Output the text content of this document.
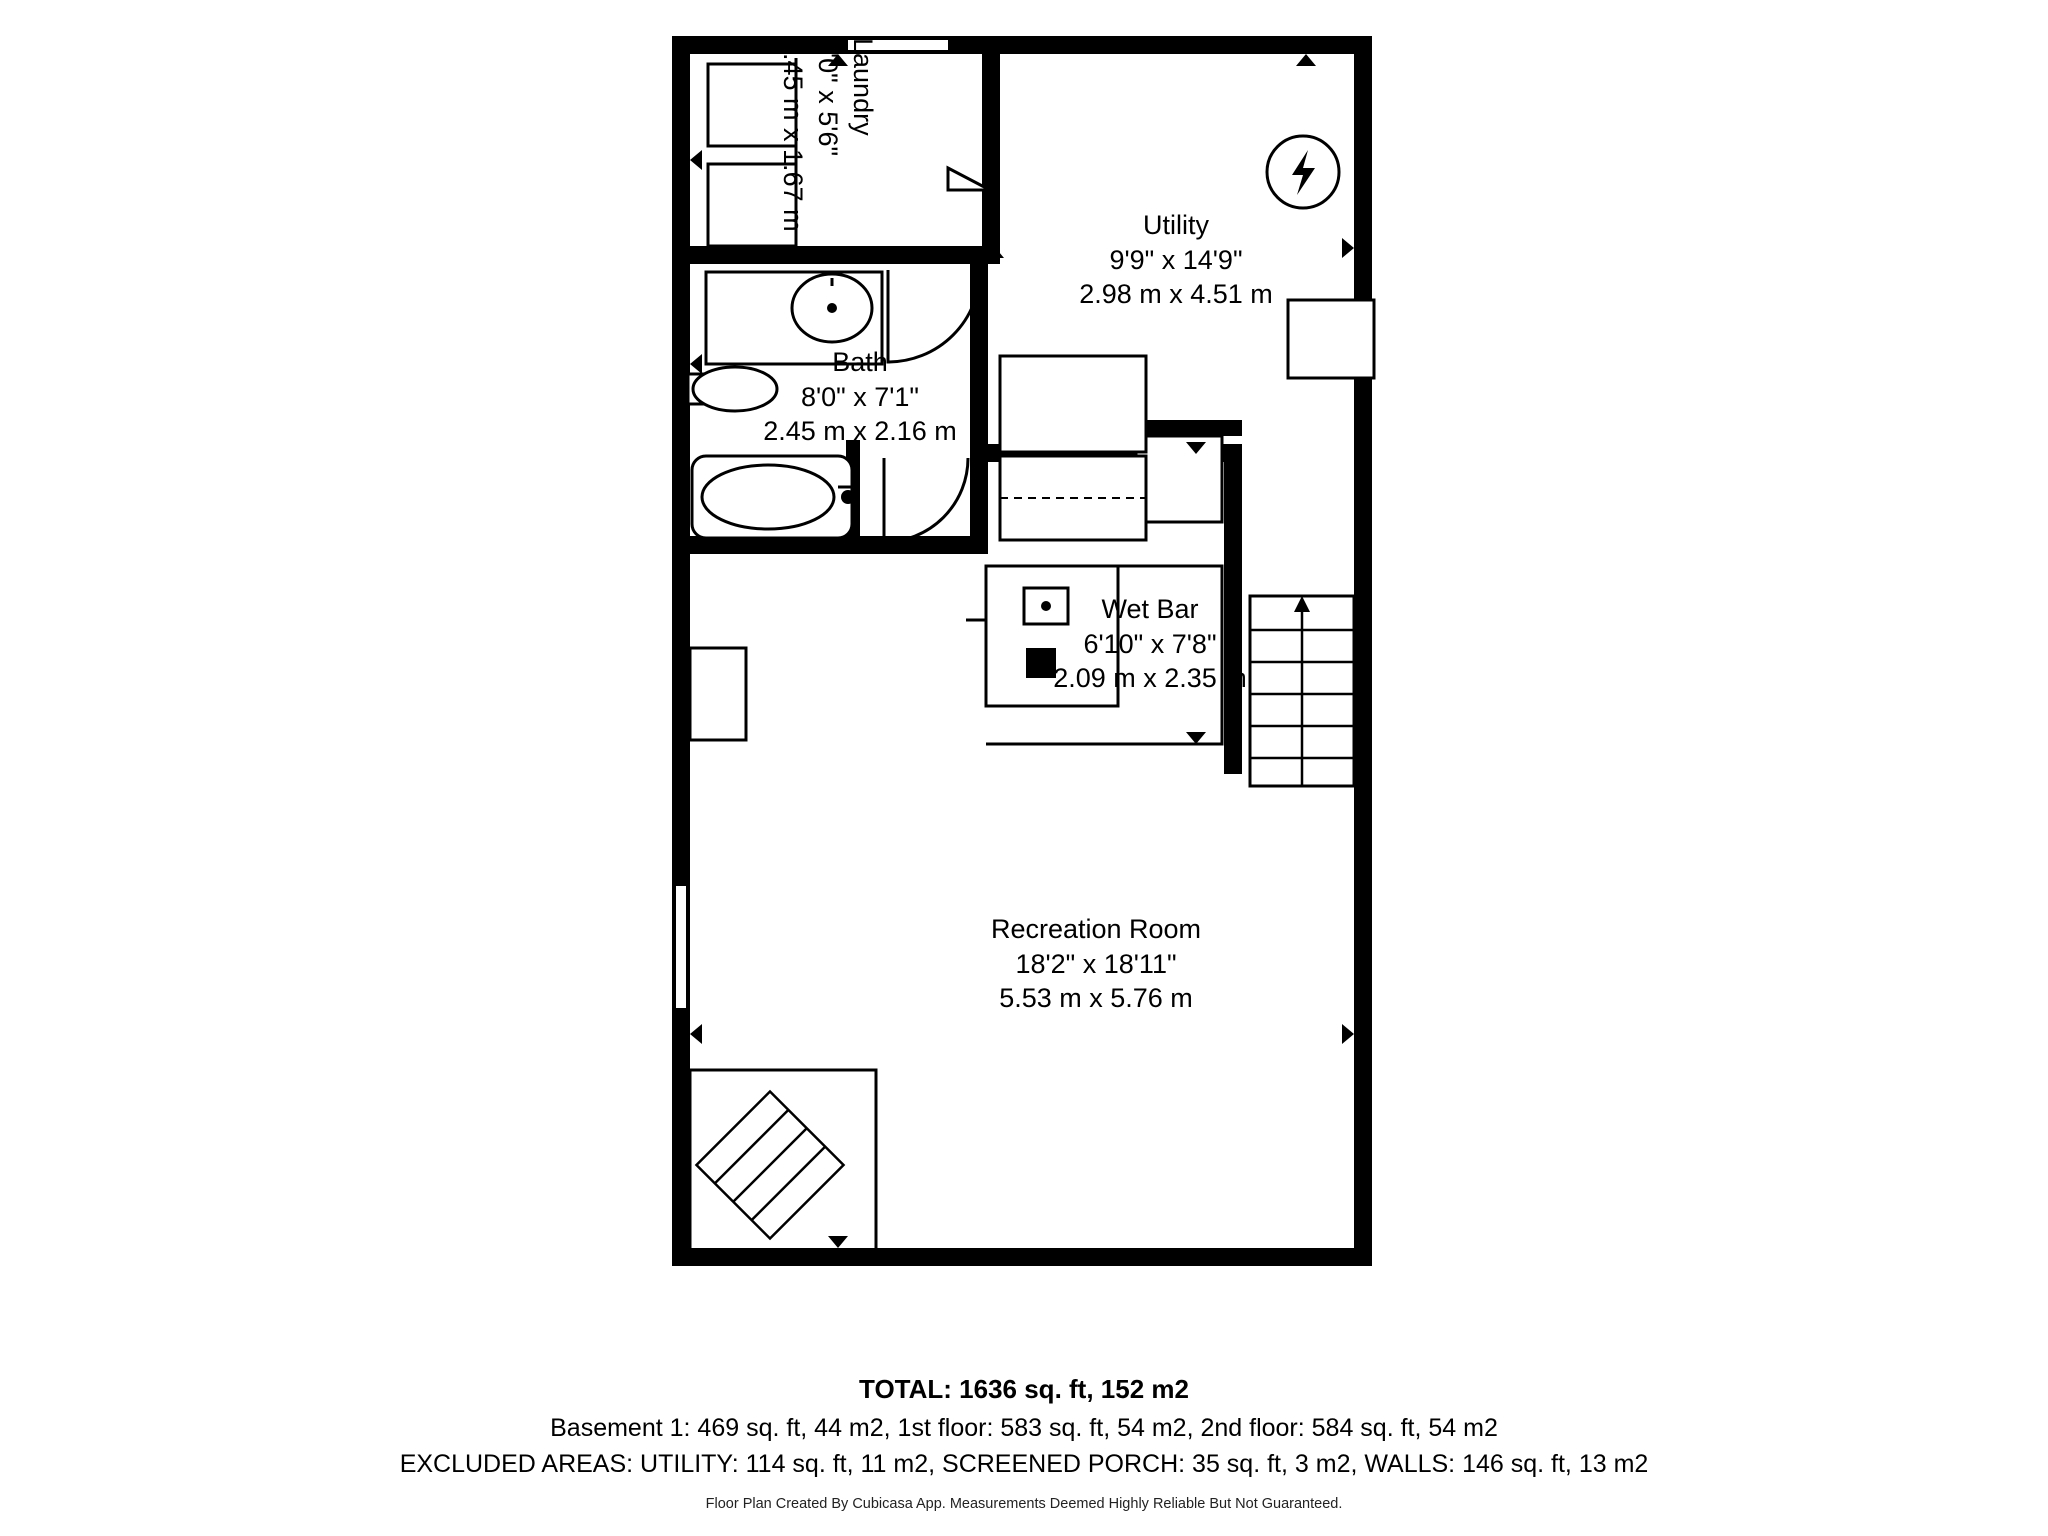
Laundry
8'0" x 5'6"
2.45 m x 1.67 m	Utility
9'9" x 14'9"
2.98 m x 4.51 m
Bath
8'0" x 7'1"
2.45 m x 2.16 m
Wet Bar
6'10" x 7'8"
2.09 m x 2.35 m
Recreation Room
18'2" x 18'11"
5.53 m x 5.76 m
TOTAL: 1636 sq. ft, 152 m2
Basement 1: 469 sq. ft, 44 m2, 1st floor: 583 sq. ft, 54 m2, 2nd floor: 584 sq. ft, 54 m2
EXCLUDED AREAS: UTILITY: 114 sq. ft, 11 m2, SCREENED PORCH: 35 sq. ft, 3 m2, WALLS: 146 sq. ft, 13 m2
Floor Plan Created By Cubicasa App. Measurements Deemed Highly Reliable But Not Guaranteed.
